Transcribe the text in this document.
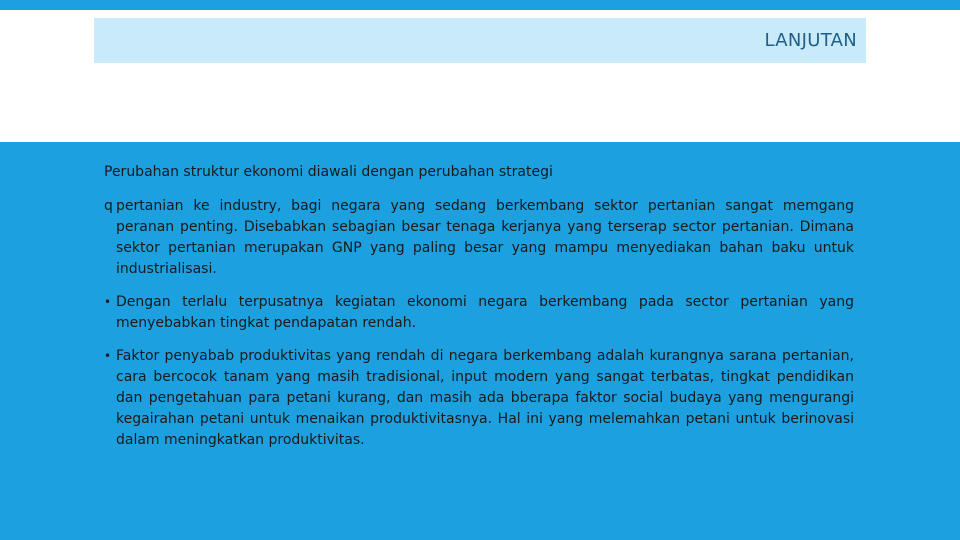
LANJUTAN

Perubahan struktur ekonomi diawali dengan perubahan strategi

q pertanian ke industry, bagi negara yang sedang berkembang sektor pertanian sangat memgang peranan penting. Disebabkan sebagian besar tenaga kerjanya yang terserap sector pertanian. Dimana sektor pertanian merupakan GNP yang paling besar yang mampu menyediakan bahan baku untuk industrialisasi.
• Dengan terlalu terpusatnya kegiatan ekonomi negara berkembang pada sector pertanian yang menyebabkan tingkat pendapatan rendah.
• Faktor penyabab produktivitas yang rendah di negara berkembang adalah kurangnya sarana pertanian, cara bercocok tanam yang masih tradisional, input modern yang sangat terbatas, tingkat pendidikan dan pengetahuan para petani kurang, dan masih ada bberapa faktor social budaya yang mengurangi kegairahan petani untuk menaikan produktivitasnya. Hal ini yang melemahkan petani untuk berinovasi dalam meningkatkan produktivitas.
